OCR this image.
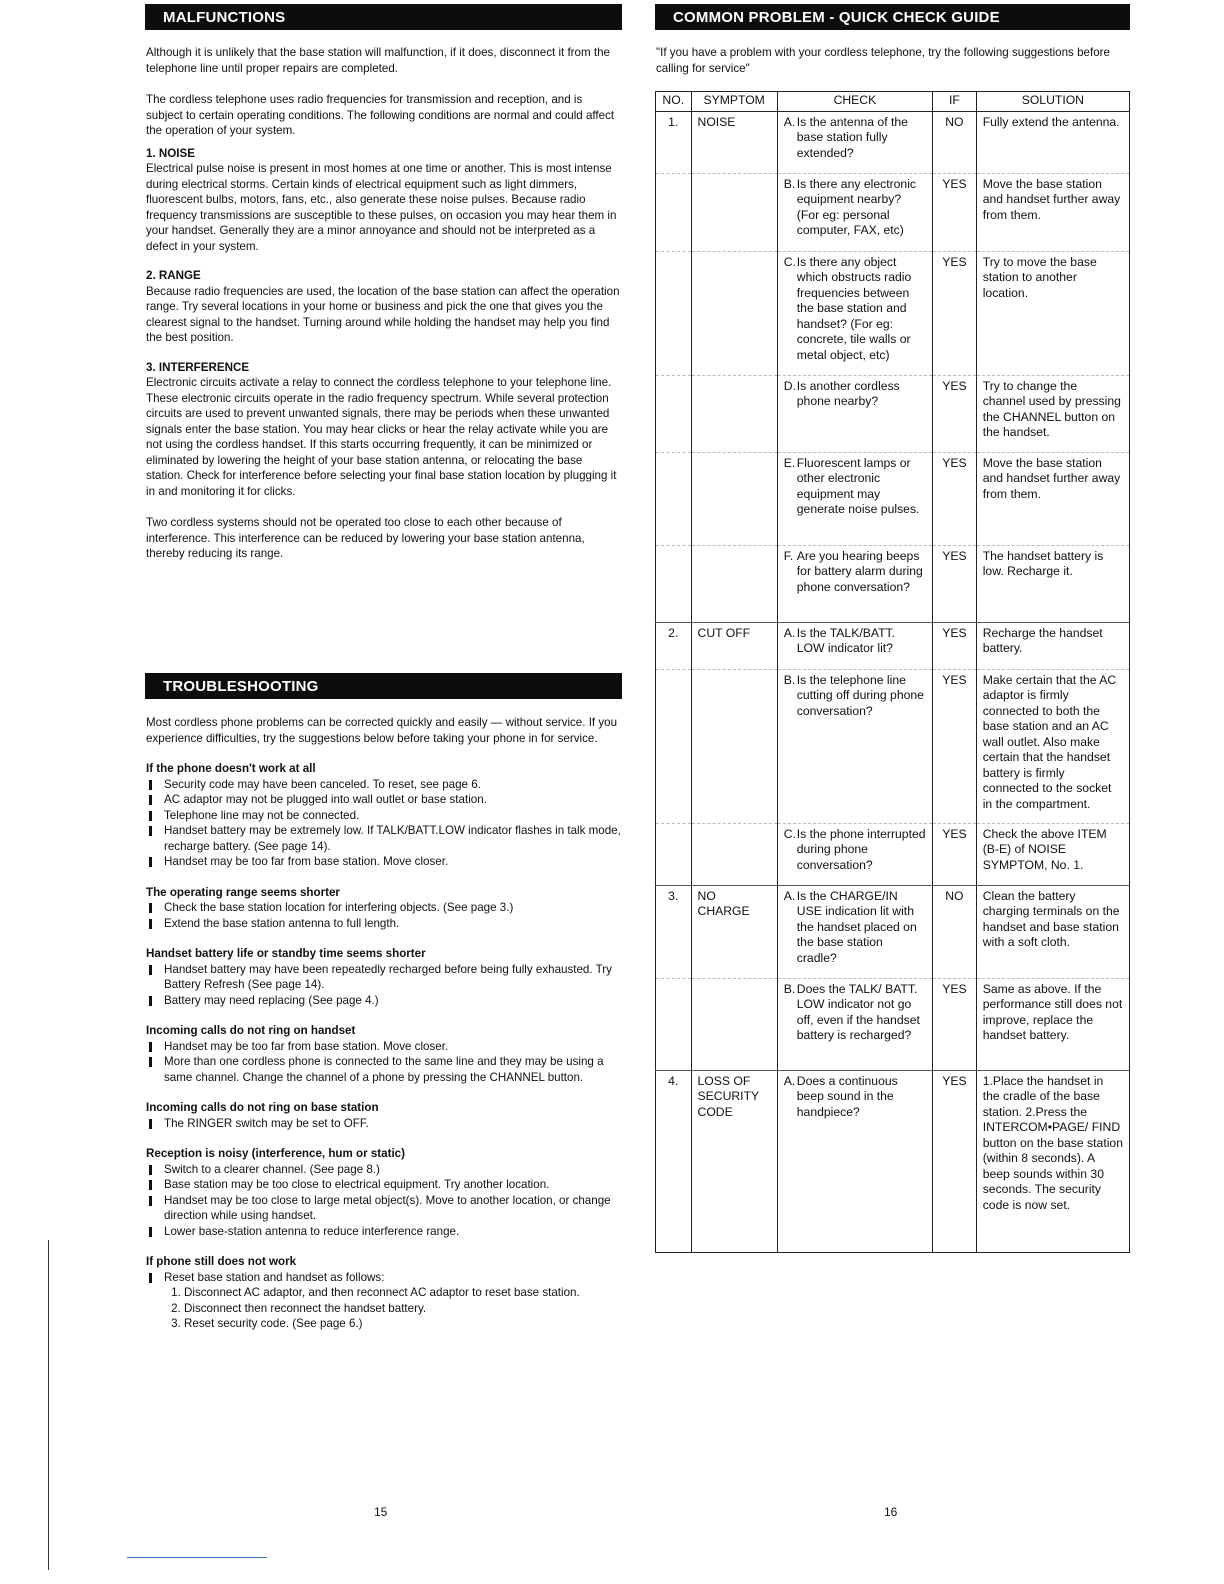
MALFUNCTIONS

Although it is unlikely that the base station will malfunction, if it does, disconnect it from the telephone line until proper repairs are completed.

The cordless telephone uses radio frequencies for transmission and reception, and is subject to certain operating conditions. The following conditions are normal and could affect the operation of your system.

1. NOISE

Electrical pulse noise is present in most homes at one time or another. This is most intense during electrical storms. Certain kinds of electrical equipment such as light dimmers, fluorescent bulbs, motors, fans, etc., also generate these noise pulses. Because radio frequency transmissions are susceptible to these pulses, on occasion you may hear them in your handset. Generally they are a minor annoyance and should not be interpreted as a defect in your system.

2. RANGE

Because radio frequencies are used, the location of the base station can affect the operation range. Try several locations in your home or business and pick the one that gives you the clearest signal to the handset. Turning around while holding the handset may help you find the best position.

3. INTERFERENCE

Electronic circuits activate a relay to connect the cordless telephone to your telephone line. These electronic circuits operate in the radio frequency spectrum. While several protection circuits are used to prevent unwanted signals, there may be periods when these unwanted signals enter the base station. You may hear clicks or hear the relay activate while you are not using the cordless handset. If this starts occurring frequently, it can be minimized or eliminated by lowering the height of your base station antenna, or relocating the base station. Check for interference before selecting your final base station location by plugging it in and monitoring it for clicks.

Two cordless systems should not be operated too close to each other because of interference. This interference can be reduced by lowering your base station antenna, thereby reducing its range.

TROUBLESHOOTING

Most cordless phone problems can be corrected quickly and easily — without service. If you experience difficulties, try the suggestions below before taking your phone in for service.

If the phone doesn't work at all
Security code may have been canceled. To reset, see page 6.
AC adaptor may not be plugged into wall outlet or base station.
Telephone line may not be connected.
Handset battery may be extremely low. If TALK/BATT.LOW indicator flashes in talk mode, recharge battery. (See page 14).
Handset may be too far from base station. Move closer.
The operating range seems shorter
Check the base station location for interfering objects. (See page 3.)
Extend the base station antenna to full length.
Handset battery life or standby time seems shorter
Handset battery may have been repeatedly recharged before being fully exhausted. Try Battery Refresh (See page 14).
Battery may need replacing (See page 4.)
Incoming calls do not ring on handset
Handset may be too far from base station. Move closer.
More than one cordless phone is connected to the same line and they may be using a same channel. Change the channel of a phone by pressing the CHANNEL button.
Incoming calls do not ring on base station
The RINGER switch may be set to OFF.
Reception is noisy (interference, hum or static)
Switch to a clearer channel. (See page 8.)
Base station may be too close to electrical equipment. Try another location.
Handset may be too close to large metal object(s). Move to another location, or change direction while using handset.
Lower base-station antenna to reduce interference range.
If phone still does not work
Reset base station and handset as follows:
1. Disconnect AC adaptor, and then reconnect AC adaptor to reset base station.
2. Disconnect then reconnect the handset battery.
3. Reset security code. (See page 6.)
15
COMMON PROBLEM - QUICK CHECK GUIDE
"If you have a problem with your cordless telephone, try the following suggestions before calling for service"
NO.	SYMPTOM	CHECK	IF	SOLUTION
1.	NOISE	A. Is the antenna of the base station fully extended?	NO	Fully extend the antenna.

		B. Is there any electronic equipment nearby? (For eg: personal computer, FAX, etc)	YES	Move the base station and handset further away from them.

		C. Is there any object which obstructs radio frequencies between the base station and handset? (For eg: concrete, tile walls or metal object, etc)	YES	Try to move the base station to another location.

		D. Is another cordless phone nearby?	YES	Try to change the channel used by pressing the CHANNEL button on the handset.

		E. Fluorescent lamps or other electronic equipment may generate noise pulses.	YES	Move the base station and handset further away from them.

		F. Are you hearing beeps for battery alarm during phone conversation?	YES	The handset battery is low. Recharge it.
2.	CUT OFF	A. Is the TALK/BATT. LOW indicator lit?	YES	Recharge the handset battery.

		B. Is the telephone line cutting off during phone conversation?	YES	Make certain that the AC adaptor is firmly connected to both the base station and an AC wall outlet. Also make certain that the handset battery is firmly connected to the socket in the compartment.

		C. Is the phone interrupted during phone conversation?	YES	Check the above ITEM (B-E) of NOISE SYMPTOM, No. 1.
3.	NO CHARGE	A. Is the CHARGE/IN USE indication lit with the handset placed on the base station cradle?	NO	Clean the battery charging terminals on the handset and base station with a soft cloth.

		B. Does the TALK/ BATT. LOW indicator not go off, even if the handset battery is recharged?	YES	Same as above. If the performance still does not improve, replace the handset battery.
4.	LOSS OF SECURITY CODE	A. Does a continuous beep sound in the handpiece?	YES	1.Place the handset in the cradle of the base station. 2.Press the INTERCOM•PAGE/ FIND button on the base station (within 8 seconds). A beep sounds within 30 seconds. The security code is now set.
16
